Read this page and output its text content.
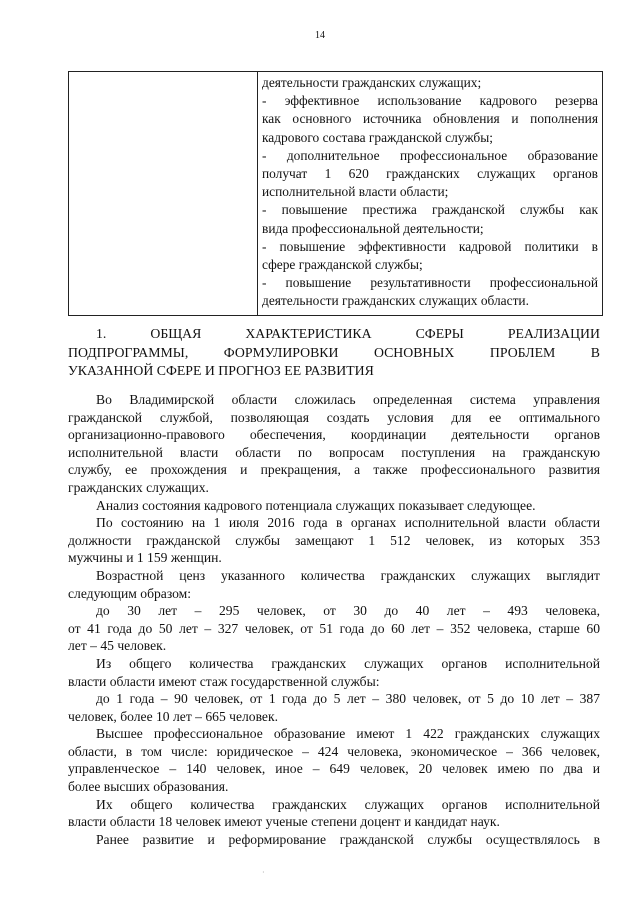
14

деятельности гражданских служащих;
- эффективное использование кадрового резерва
как основного источника обновления и пополнения
кадрового состава гражданской службы;
- дополнительное профессиональное образование
получат 1 620 гражданских служащих органов
исполнительной власти области;
- повышение престижа гражданской службы как
вида профессиональной деятельности;
- повышение эффективности кадровой политики в
сфере гражданской службы;
- повышение результативности профессиональной
деятельности гражданских служащих области.
1. ОБЩАЯ ХАРАКТЕРИСТИКА СФЕРЫ РЕАЛИЗАЦИИ
ПОДПРОГРАММЫ, ФОРМУЛИРОВКИ ОСНОВНЫХ ПРОБЛЕМ В
УКАЗАННОЙ СФЕРЕ И ПРОГНОЗ ЕЕ РАЗВИТИЯ
Во Владимирской области сложилась определенная система управления
гражданской службой, позволяющая создать условия для ее оптимального
организационно-правового обеспечения, координации деятельности органов
исполнительной власти области по вопросам поступления на гражданскую
службу, ее прохождения и прекращения, а также профессионального развития
гражданских служащих.
Анализ состояния кадрового потенциала служащих показывает следующее.
По состоянию на 1 июля 2016 года в органах исполнительной власти области
должности гражданской службы замещают 1 512 человек, из которых 353
мужчины и 1 159 женщин.
Возрастной ценз указанного количества гражданских служащих выглядит
следующим образом:
до 30 лет – 295 человек, от 30 до 40 лет – 493 человека,
от 41 года до 50 лет – 327 человек, от 51 года до 60 лет – 352 человека, старше 60
лет – 45 человек.
Из общего количества гражданских служащих органов исполнительной
власти области имеют стаж государственной службы:
до 1 года – 90 человек, от 1 года до 5 лет – 380 человек, от 5 до 10 лет – 387
человек, более 10 лет – 665 человек.
Высшее профессиональное образование имеют 1 422 гражданских служащих
области, в том числе: юридическое – 424 человека, экономическое – 366 человек,
управленческое – 140 человек, иное – 649 человек, 20 человек имею по два и
более высших образования.
Их общего количества гражданских служащих органов исполнительной
власти области 18 человек имеют ученые степени доцент и кандидат наук.
Ранее развитие и реформирование гражданской службы осуществлялось в
·
